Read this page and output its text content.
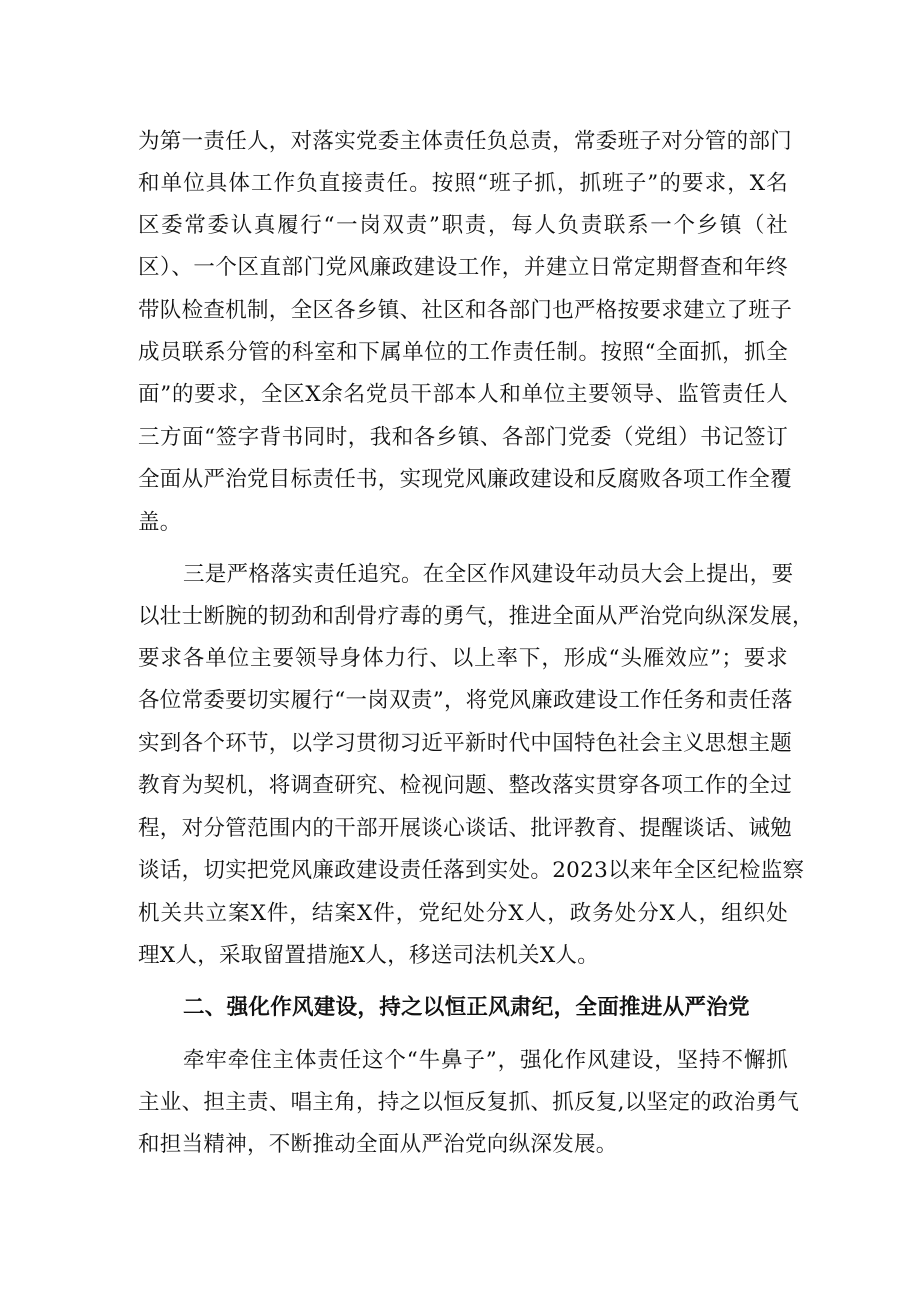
为第一责任人，对落实党委主体责任负总责，常委班子对分管的部门
和单位具体工作负直接责任。按照“班子抓，抓班子”的要求，X名
区委常委认真履行“一岗双责”职责，每人负责联系一个乡镇（社
区）、一个区直部门党风廉政建设工作，并建立日常定期督查和年终
带队检查机制，全区各乡镇、社区和各部门也严格按要求建立了班子
成员联系分管的科室和下属单位的工作责任制。按照“全面抓，抓全
面”的要求，全区X余名党员干部本人和单位主要领导、监管责任人
三方面“签字背书同时，我和各乡镇、各部门党委（党组）书记签订
全面从严治党目标责任书，实现党风廉政建设和反腐败各项工作全覆
盖。
三是严格落实责任追究。在全区作风建设年动员大会上提出，要
以壮士断腕的韧劲和刮骨疗毒的勇气，推进全面从严治党向纵深发展，
要求各单位主要领导身体力行、以上率下，形成“头雁效应”；要求
各位常委要切实履行“一岗双责”，将党风廉政建设工作任务和责任落
实到各个环节，以学习贯彻习近平新时代中国特色社会主义思想主题
教育为契机，将调查研究、检视问题、整改落实贯穿各项工作的全过
程，对分管范围内的干部开展谈心谈话、批评教育、提醒谈话、诫勉
谈话，切实把党风廉政建设责任落到实处。2023以来年全区纪检监察
机关共立案X件，结案X件，党纪处分X人，政务处分X人，组织处
理X人，采取留置措施X人，移送司法机关X人。
二、强化作风建设，持之以恒正风肃纪，全面推进从严治党
牵牢牵住主体责任这个“牛鼻子”，强化作风建设，坚持不懈抓
主业、担主责、唱主角，持之以恒反复抓、抓反复,以坚定的政治勇气
和担当精神，不断推动全面从严治党向纵深发展。
